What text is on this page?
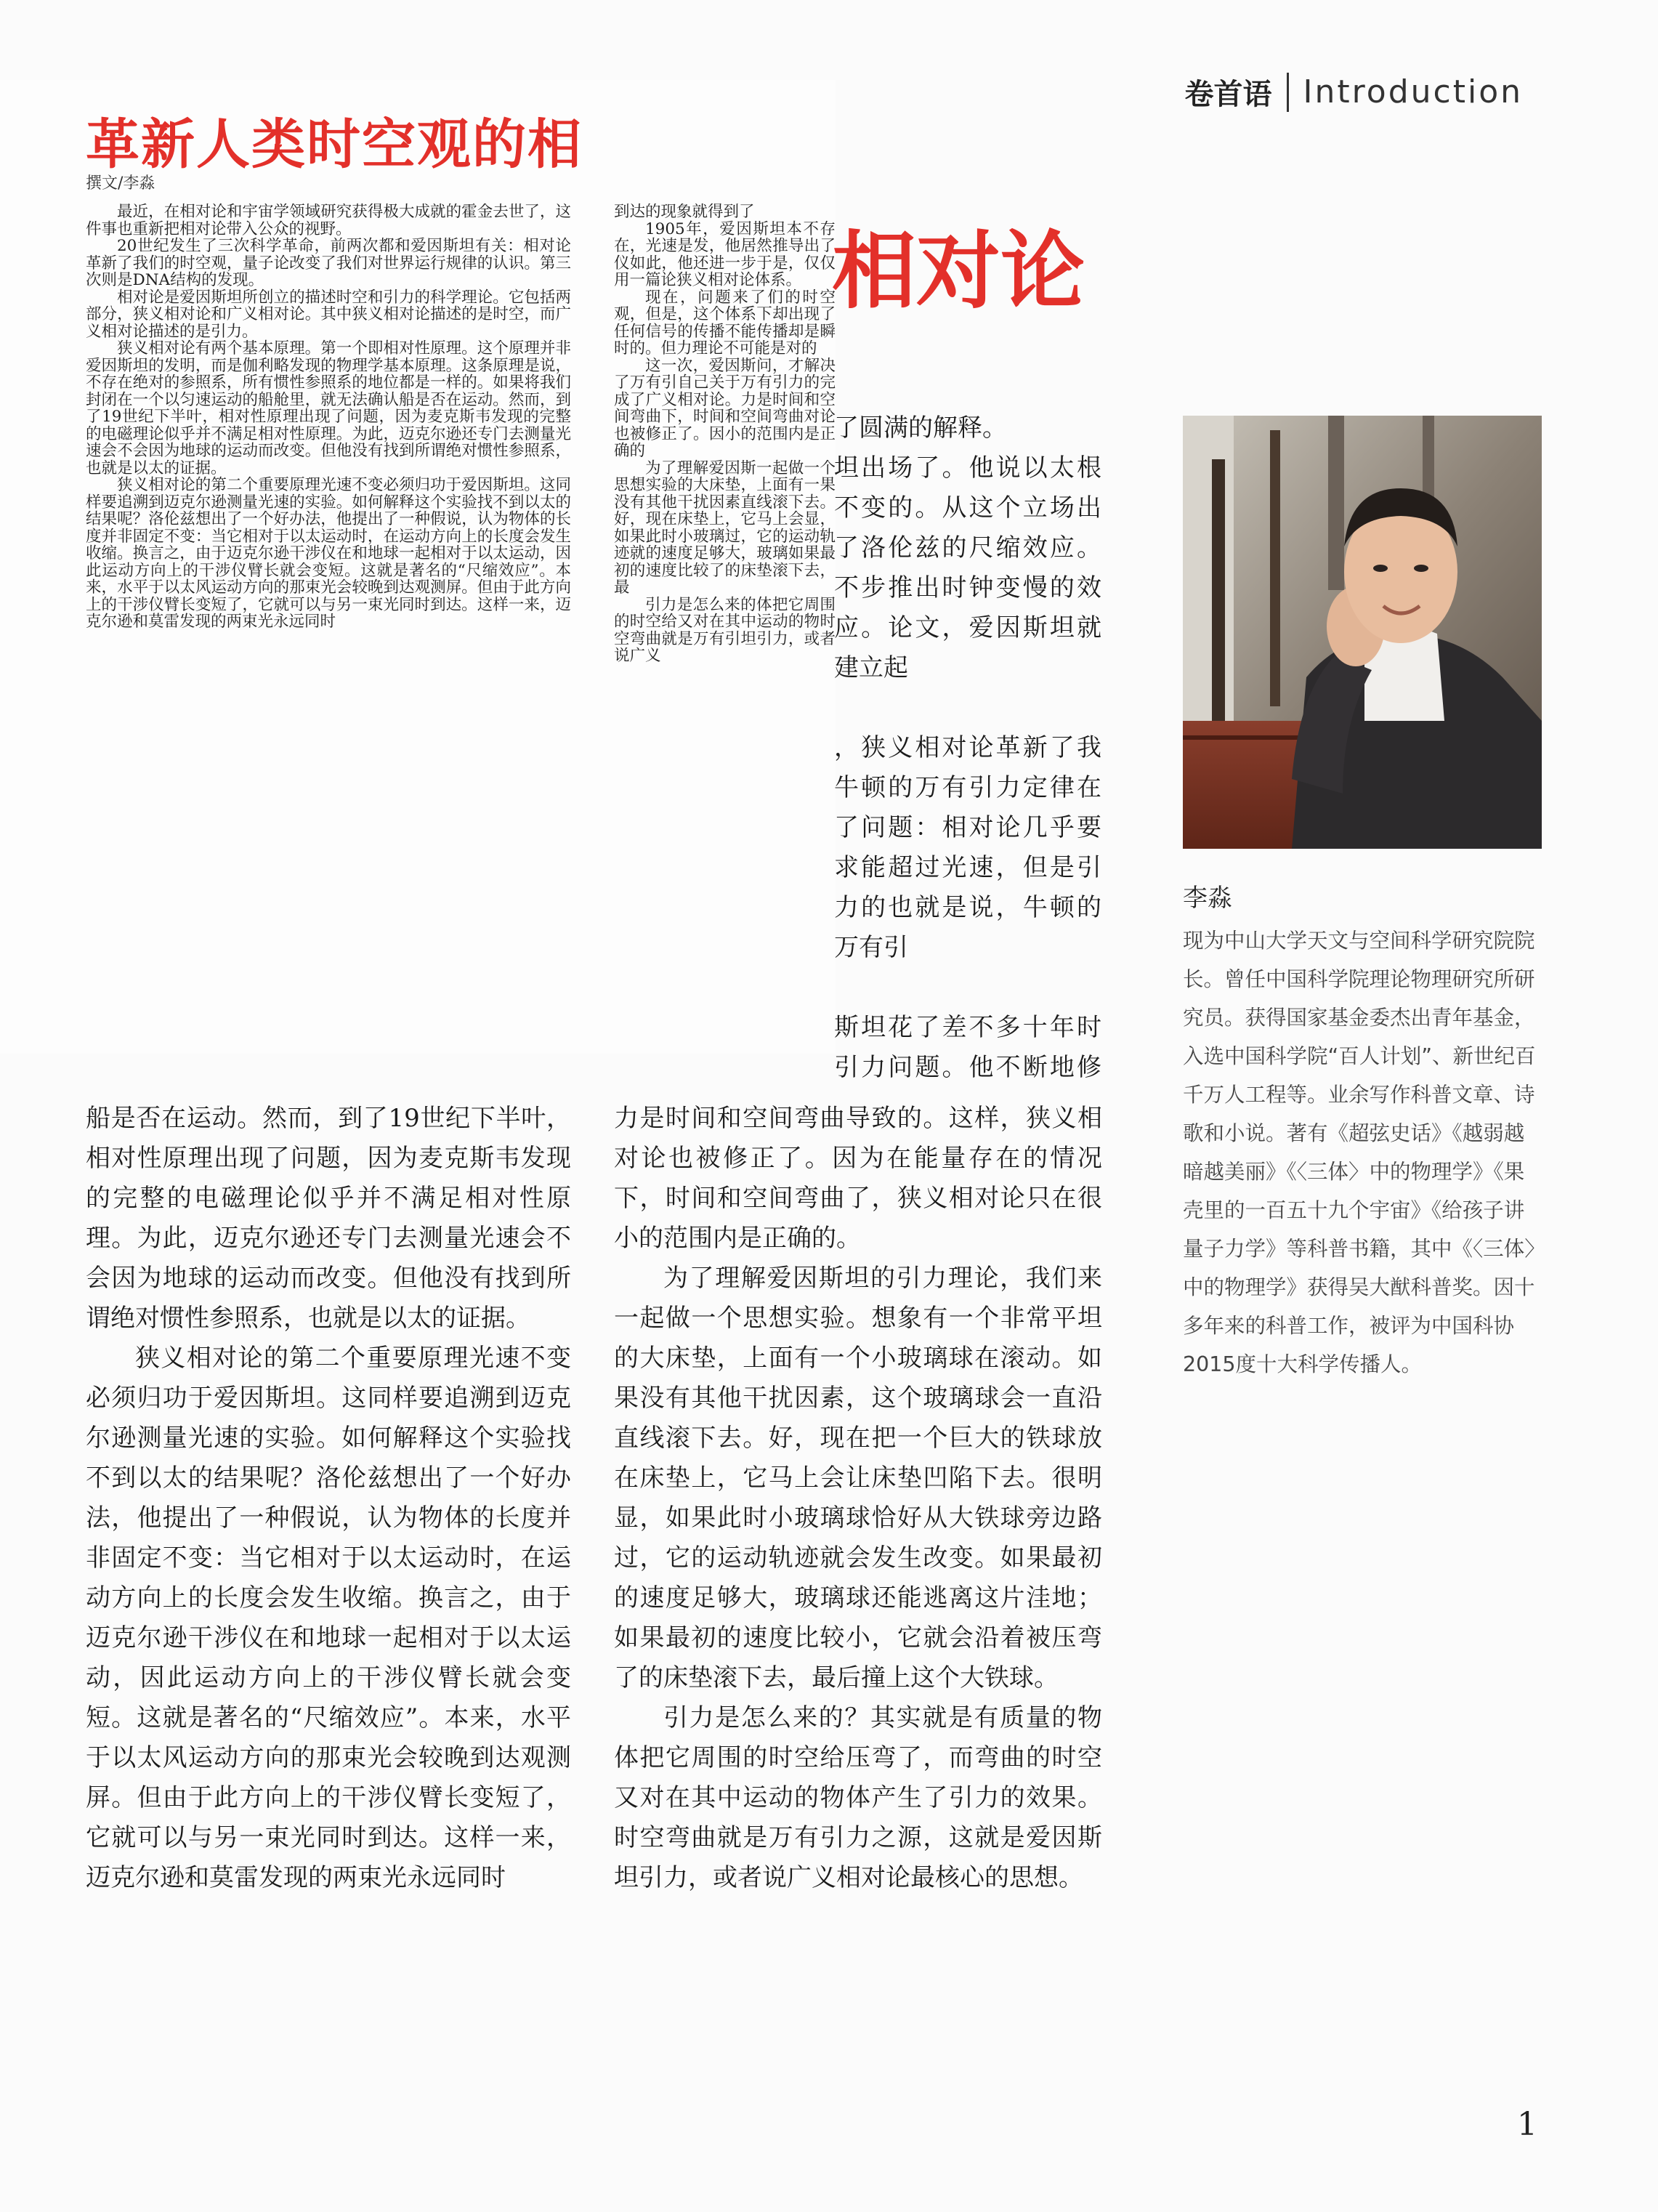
卷首语 Introduction
革新人类时空观的相
撰文/李淼

最近，在相对论和宇宙学领域研究获得极大成就的霍金去世了，这件事也重新把相对论带入公众的视野。

20世纪发生了三次科学革命，前两次都和爱因斯坦有关：相对论革新了我们的时空观，量子论改变了我们对世界运行规律的认识。第三次则是DNA结构的发现。

相对论是爱因斯坦所创立的描述时空和引力的科学理论。它包括两部分，狭义相对论和广义相对论。其中狭义相对论描述的是时空，而广义相对论描述的是引力。

狭义相对论有两个基本原理。第一个即相对性原理。这个原理并非爱因斯坦的发明，而是伽利略发现的物理学基本原理。这条原理是说，不存在绝对的参照系，所有惯性参照系的地位都是一样的。如果将我们封闭在一个以匀速运动的船舱里，就无法确认船是否在运动。然而，到了19世纪下半叶，相对性原理出现了问题，因为麦克斯韦发现的完整的电磁理论似乎并不满足相对性原理。为此，迈克尔逊还专门去测量光速会不会因为地球的运动而改变。但他没有找到所谓绝对惯性参照系，也就是以太的证据。

狭义相对论的第二个重要原理光速不变必须归功于爱因斯坦。这同样要追溯到迈克尔逊测量光速的实验。如何解释这个实验找不到以太的结果呢？洛伦兹想出了一个好办法，他提出了一种假说，认为物体的长度并非固定不变：当它相对于以太运动时，在运动方向上的长度会发生收缩。换言之，由于迈克尔逊干涉仪在和地球一起相对于以太运动，因此运动方向上的干涉仪臂长就会变短。这就是著名的“尺缩效应”。本来，水平于以太风运动方向的那束光会较晚到达观测屏。但由于此方向上的干涉仪臂长变短了，它就可以与另一束光同时到达。这样一来，迈克尔逊和莫雷发现的两束光永远同时

到达的现象就得到了

1905年，爱因斯坦本不存在，光速是发，他居然推导出了仪如此，他还进一步于是，仅仅用一篇论狭义相对论体系。

现在，问题来了们的时空观，但是，这个体系下却出现了任何信号的传播不能传播却是瞬时的。但力理论不可能是对的

这一次，爱因斯问，才解决了万有引自己关于万有引力的完成了广义相对论。力是时间和空间弯曲下，时间和空间弯曲对论也被修正了。因小的范围内是正确的

为了理解爱因斯一起做一个思想实验的大床垫，上面有一果没有其他干扰因素直线滚下去。好，现在床垫上，它马上会显，如果此时小玻璃过，它的运动轨迹就的速度足够大，玻璃如果最初的速度比较了的床垫滚下去，最

引力是怎么来的体把它周围的时空给又对在其中运动的物时空弯曲就是万有引坦引力，或者说广义

相对论

了圆满的解释。

坦出场了。他说以太根不变的。从这个立场出了洛伦兹的尺缩效应。不步推出时钟变慢的效应。论文，爱因斯坦就建立起

，狭义相对论革新了我牛顿的万有引力定律在了问题：相对论几乎要求能超过光速，但是引力的也就是说，牛顿的万有引

斯坦花了差不多十年时引力问题。他不断地修

船是否在运动。然而，到了19世纪下半叶，相对性原理出现了问题，因为麦克斯韦发现的完整的电磁理论似乎并不满足相对性原理。为此，迈克尔逊还专门去测量光速会不会因为地球的运动而改变。但他没有找到所谓绝对惯性参照系，也就是以太的证据。

狭义相对论的第二个重要原理光速不变必须归功于爱因斯坦。这同样要追溯到迈克尔逊测量光速的实验。如何解释这个实验找不到以太的结果呢？洛伦兹想出了一个好办法，他提出了一种假说，认为物体的长度并非固定不变：当它相对于以太运动时，在运动方向上的长度会发生收缩。换言之，由于迈克尔逊干涉仪在和地球一起相对于以太运动，因此运动方向上的干涉仪臂长就会变短。这就是著名的“尺缩效应”。本来，水平于以太风运动方向的那束光会较晚到达观测屏。但由于此方向上的干涉仪臂长变短了，它就可以与另一束光同时到达。这样一来，迈克尔逊和莫雷发现的两束光永远同时

力是时间和空间弯曲导致的。这样，狭义相对论也被修正了。因为在能量存在的情况下，时间和空间弯曲了，狭义相对论只在很小的范围内是正确的。

为了理解爱因斯坦的引力理论，我们来一起做一个思想实验。想象有一个非常平坦的大床垫，上面有一个小玻璃球在滚动。如果没有其他干扰因素，这个玻璃球会一直沿直线滚下去。好，现在把一个巨大的铁球放在床垫上，它马上会让床垫凹陷下去。很明显，如果此时小玻璃球恰好从大铁球旁边路过，它的运动轨迹就会发生改变。如果最初的速度足够大，玻璃球还能逃离这片洼地；如果最初的速度比较小，它就会沿着被压弯了的床垫滚下去，最后撞上这个大铁球。

引力是怎么来的？其实就是有质量的物体把它周围的时空给压弯了，而弯曲的时空又对在其中运动的物体产生了引力的效果。时空弯曲就是万有引力之源，这就是爱因斯坦引力，或者说广义相对论最核心的思想。

李淼
现为中山大学天文与空间科学研究院院长。曾任中国科学院理论物理研究所研究员。获得国家基金委杰出青年基金，入选中国科学院“百人计划”、新世纪百千万人工程等。业余写作科普文章、诗歌和小说。著有《超弦史话》《越弱越暗越美丽》《〈三体〉中的物理学》《果壳里的一百五十九个宇宙》《给孩子讲量子力学》等科普书籍，其中《〈三体〉中的物理学》获得吴大猷科普奖。因十多年来的科普工作，被评为中国科协2015度十大科学传播人。
1
